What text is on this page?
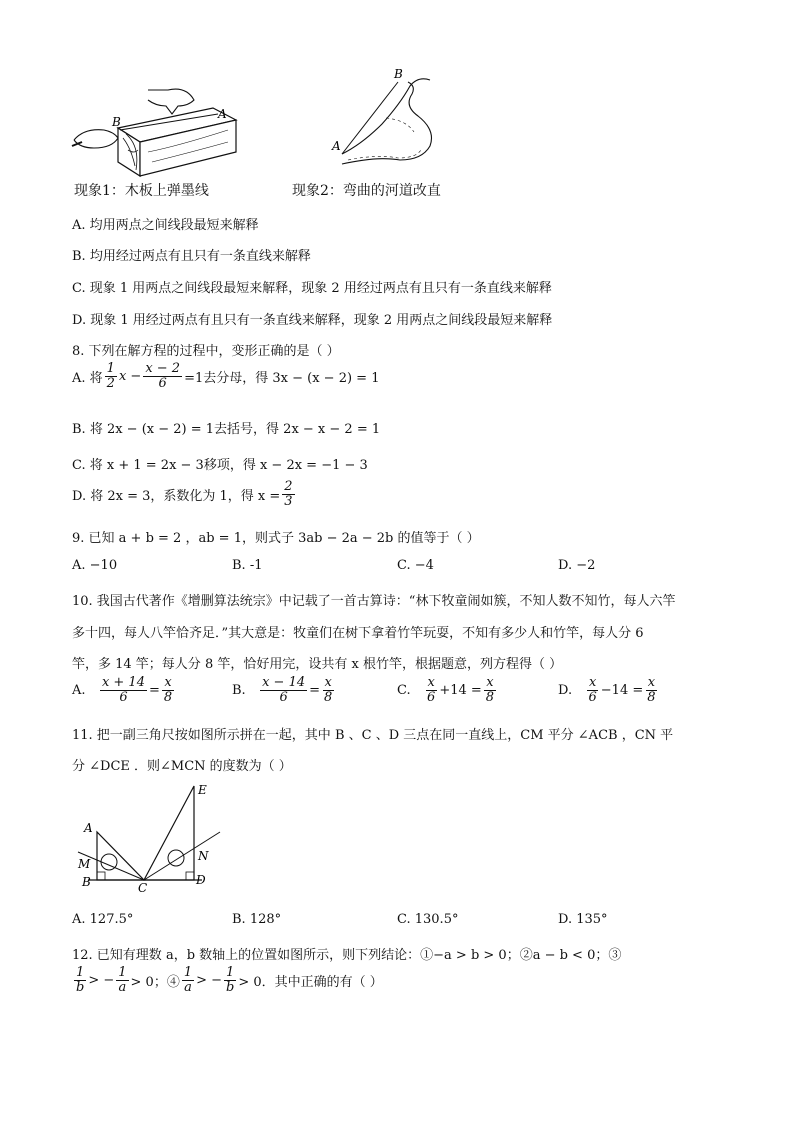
B
A
B
A
现象1：木板上弹墨线	现象2：弯曲的河道改直
A. 均用两点之间线段最短来解释
B. 均用经过两点有且只有一条直线来解释
C. 现象 1 用两点之间线段最短来解释，现象 2 用经过两点有且只有一条直线来解释
D. 现象 1 用经过两点有且只有一条直线来解释，现象 2 用两点之间线段最短来解释
8. 下列在解方程的过程中，变形正确的是（ ）
A. 将 $\frac{1}{2}$ $x - \frac{x - 2}{6} =1$去分母，得 3x − (x − 2) = 1
B. 将 2x − (x − 2) = 1去括号，得 2x − x − 2 = 1
C. 将 x + 1 = 2x − 3移项，得 x − 2x = −1 − 3
D. 将 2x = 3，系数化为 1，得 $x = \frac{2}{3}$
9. 已知 a + b = 2 ，ab = 1，则式子 3ab − 2a − 2b 的值等于（ ）
A. −10	B. -1	C. −4	D. −2
10. 我国古代著作《增删算法统宗》中记载了一首古算诗：“林下牧童闹如簇，不知人数不知竹，每人六竿
多十四，每人八竿恰齐足．”其大意是：牧童们在树下拿着竹竿玩耍，不知有多少人和竹竿，每人分 6
竿，多 14 竿；每人分 8 竿，恰好用完，设共有 x 根竹竿，根据题意，列方程得（ ）
A.
$\frac{x + 14}{6} = \frac{x}{8}$	B.
$\frac{x - 14}{6} = \frac{x}{8}$	C.
$\frac{x}{6} +14 = \frac{x}{8}$	D.
$\frac{x}{6} -14 = \frac{x}{8}$
11. 把一副三角尺按如图所示拼在一起，其中 B 、C 、D 三点在同一直线上，CM 平分 ∠ACB ，CN 平
分 ∠DCE ．则∠MCN 的度数为（ ）
A
M
B	C
E
N
D
A. 127.5°	B. 128°	C. 130.5°	D. 135°
12. 已知有理数 a，b 数轴上的位置如图所示，则下列结论：①−a > b > 0；②a − b < 0；③
$\frac{1}{b}$ > − $\frac{1}{a} > 0$；④ $\frac{1}{a}$ > − $\frac{1}{b} > 0$．其中正确的有（ ）
